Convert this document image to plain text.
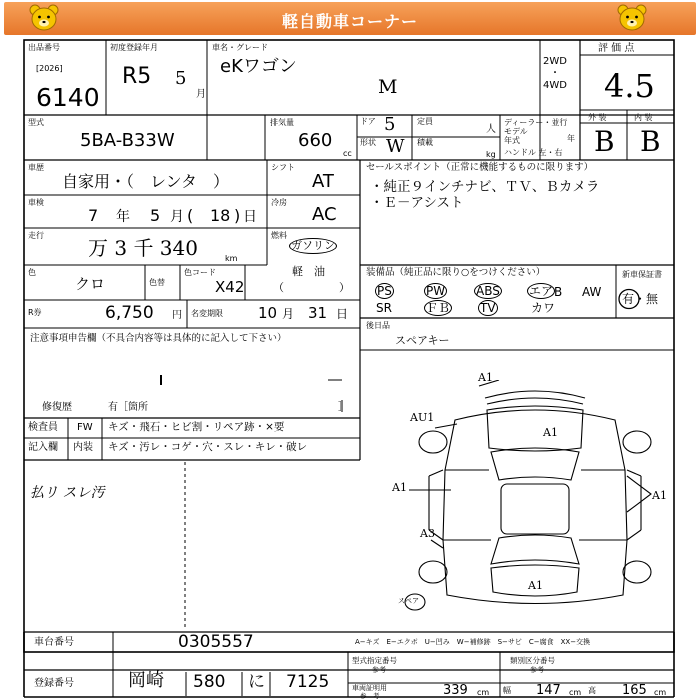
軽自動車コーナー
出品番号
[2026]
6140
初度登録年月
R5 5
月
車名・グレード
eKワゴン
M
2WD
・
4WD
評 価 点
4.5
型式
5BA-B33W
排気量
660
cc
ドア 5
形状 W
定員
人
積載
kg
ディーラー・並行
モデル年式	年
ハンドル 左・右
外 装
B
内 装
B
車歴
自家用・（　レンタ　）
シフト
AT
車検
7 年 5 月 ( 18 ) 日
冷房
AC
走行
万 3 千 340	km
燃料
ガソリン
軽　油
（　　　　　）
色
クロ	色替
色コード
X42
R券	6,750 円 名変期限 10 月 31 日
セールスポイント（正常に機能するものに限ります）
・純正９インチナビ、ＴＶ、Ｂカメラ
・Ｅ－アシスト
装備品（純正品に限り○をつけください）
PS	PW	ABS エア B AW
SR	ＦＢ TV	カワ
新車保証書
有・無
後日品
スペアキー
注意事項申告欄（不具合内容等は具体的に記入して下さい）
修復歴	有［箇所	］
検査員
記入欄
FW キズ・飛石・ヒビ割・リペア跡・×要
内装 キズ・汚レ・コゲ・穴・スレ・キレ・破レ
払リ スレ汚
A1
AU1
A1
A1
A1
A3
A1
スペア
車台番号	0305557
登録番号	岡崎 580 に 7125
A−キズ　E−エクボ　U−凹み　W−補修跡　S−サビ　C−腐食　XX−交換
型式指定番号
参考
類別区分番号
参考
車両証明用
参　考	339 cm 幅 147 cm 高 165 cm
